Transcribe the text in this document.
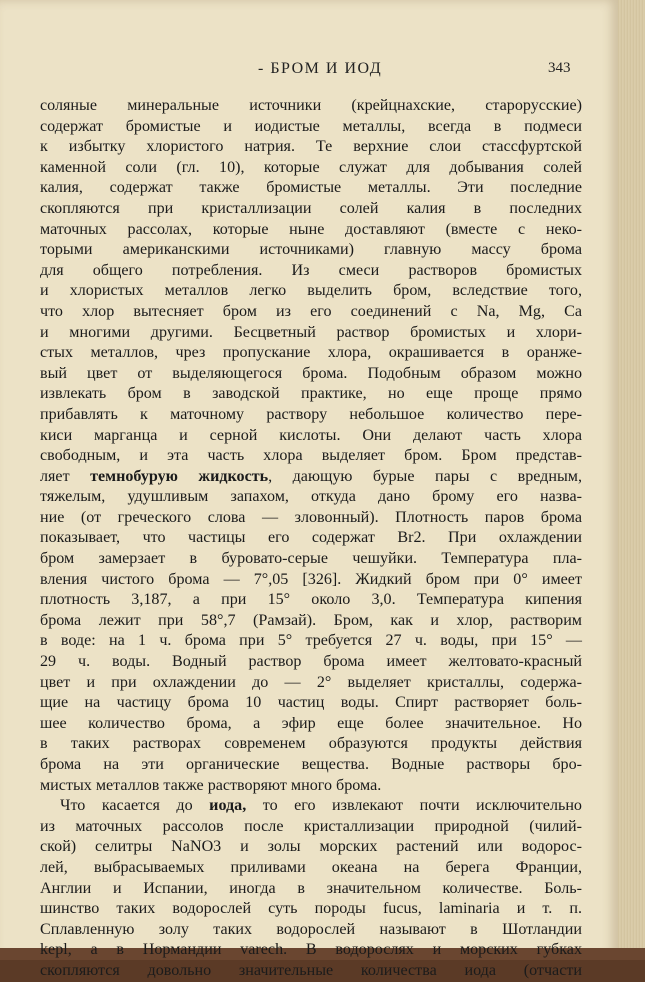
- БРОМ И ИОД	343
соляные минеральные источники (крейцнахские, старорусские)
содержат бромистые и иодистые металлы, всегда в подмеси
к избытку хлористого натрия. Те верхние слои стассфуртской
каменной соли (гл. 10), которые служат для добывания солей
калия, содержат также бромистые металлы. Эти последние
скопляются при кристаллизации солей калия в последних
маточных рассолах, которые ныне доставляют (вместе с неко-
торыми американскими источниками) главную массу брома
для общего потребления. Из смеси растворов бромистых
и хлористых металлов легко выделить бром, вследствие того,
что хлор вытесняет бром из его соединений с Na, Mg, Ca
и многими другими. Бесцветный раствор бромистых и хлори-
стых металлов, чрез пропускание хлора, окрашивается в оранже-
вый цвет от выделяющегося брома. Подобным образом можно
извлекать бром в заводской практике, но еще проще прямо
прибавлять к маточному раствору небольшое количество пере-
киси марганца и серной кислоты. Они делают часть хлора
свободным, и эта часть хлора выделяет бром. Бром представ-
ляет темнобурую жидкость, дающую бурые пары с вредным,
тяжелым, удушливым запахом, откуда дано брому его назва-
ние (от греческого слова — зловонный). Плотность паров брома
показывает, что частицы его содержат Br2. При охлаждении
бром замерзает в буровато-серые чешуйки. Температура пла-
вления чистого брома — 7°,05 [326]. Жидкий бром при 0° имеет
плотность 3,187, а при 15° около 3,0. Температура кипения
брома лежит при 58°,7 (Рамзай). Бром, как и хлор, растворим
в воде: на 1 ч. брома при 5° требуется 27 ч. воды, при 15° —
29 ч. воды. Водный раствор брома имеет желтовато-красный
цвет и при охлаждении до — 2° выделяет кристаллы, содержа-
щие на частицу брома 10 частиц воды. Спирт растворяет боль-
шее количество брома, а эфир еще более значительное. Но
в таких растворах современем образуются продукты действия
брома на эти органические вещества. Водные растворы бро-
мистых металлов также растворяют много брома.
Что касается до иода, то его извлекают почти исключительно
из маточных рассолов после кристаллизации природной (чилий-
ской) селитры NaNO3 и золы морских растений или водорос-
лей, выбрасываемых приливами океана на берега Франции,
Англии и Испании, иногда в значительном количестве. Боль-
шинство таких водорослей суть породы fucus, laminaria и т. п.
Сплавленную золу таких водорослей называют в Шотландии
kepl, а в Нормандии varech. В водорослях и морских губках
скопляются довольно значительные количества иода (отчасти
